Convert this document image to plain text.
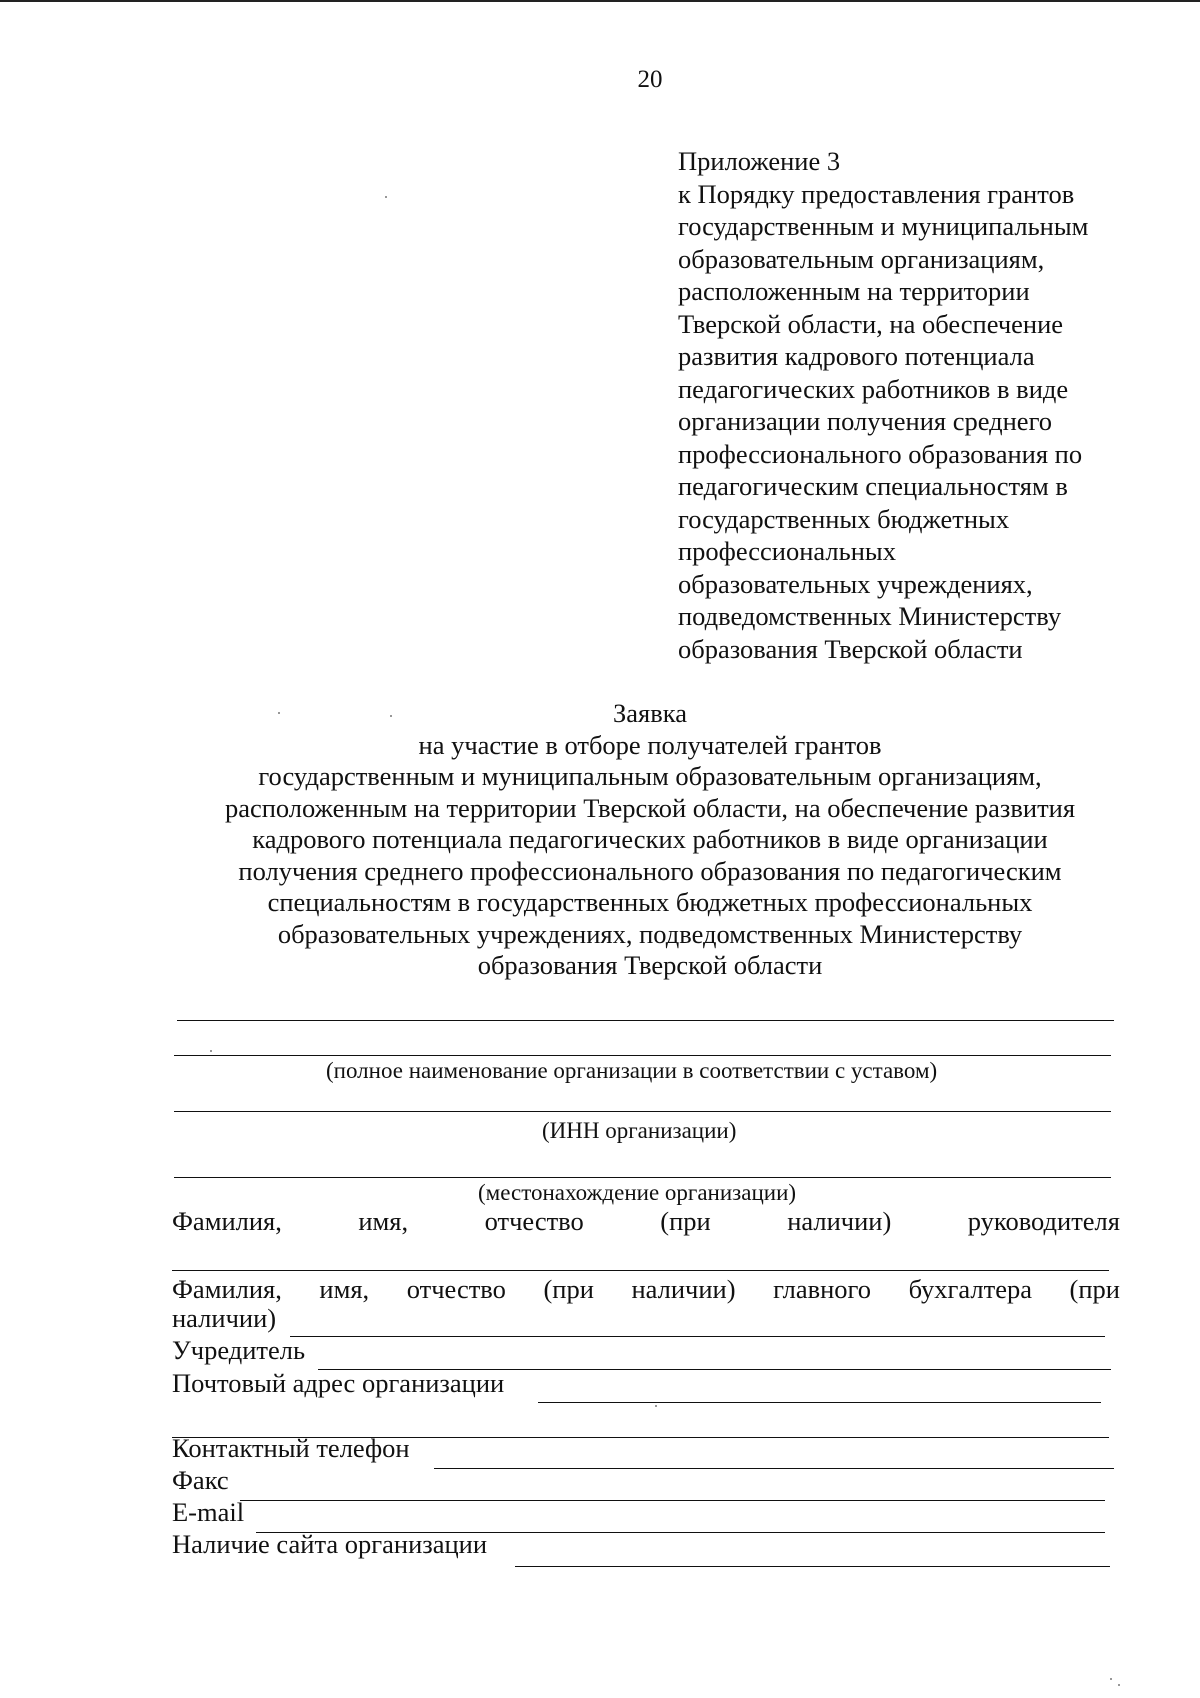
20
Приложение 3
к Порядку предоставления грантов
государственным и муниципальным
образовательным организациям,
расположенным на территории
Тверской области, на обеспечение
развития кадрового потенциала
педагогических работников в виде
организации получения среднего
профессионального образования по
педагогическим специальностям в
государственных бюджетных
профессиональных
образовательных учреждениях,
подведомственных Министерству
образования Тверской области
Заявка
на участие в отборе получателей грантов
государственным и муниципальным образовательным организациям,
расположенным на территории Тверской области, на обеспечение развития
кадрового потенциала педагогических работников в виде организации
получения среднего профессионального образования по педагогическим
специальностям в государственных бюджетных профессиональных
образовательных учреждениях, подведомственных Министерству
образования Тверской области
(полное наименование организации в соответствии с уставом)
(ИНН организации)
(местонахождение организации)
Фамилия,	имя,	отчество	(при	наличии)	руководителя
Фамилия, имя, отчество (при наличии) главного бухгалтера (при
наличии)
Учредитель
Почтовый адрес организации
Контактный телефон
Факс
E-mail
Наличие сайта организации
